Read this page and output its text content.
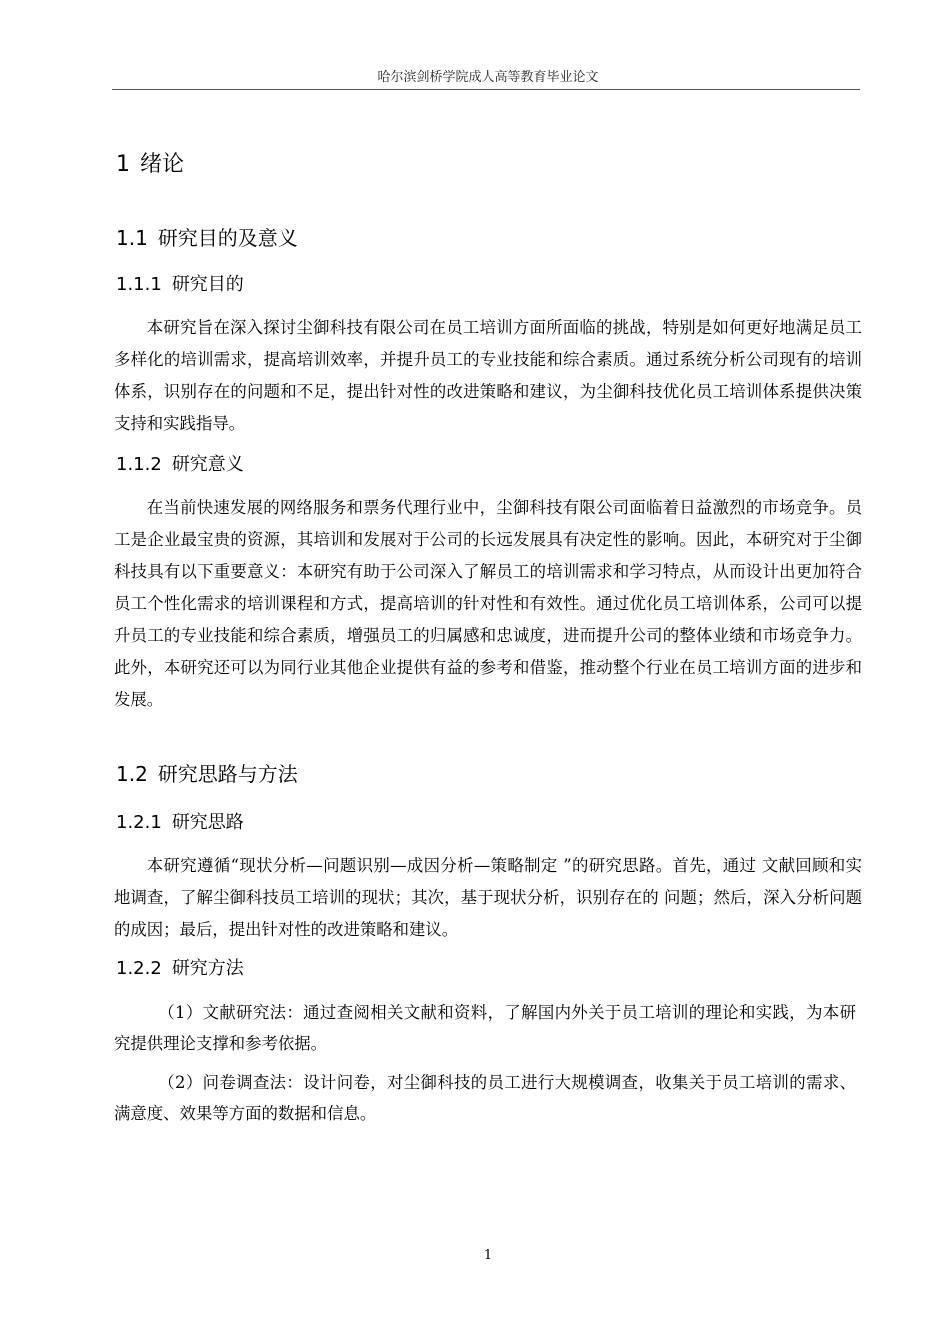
哈尔滨剑桥学院成人高等教育毕业论文
1 绪论
1.1 研究目的及意义
1.1.1 研究目的

本研究旨在深入探讨尘御科技有限公司在员工培训方面所面临的挑战，特别是如何更好地满足员工多样化的培训需求，提高培训效率，并提升员工的专业技能和综合素质。通过系统分析公司现有的培训体系，识别存在的问题和不足，提出针对性的改进策略和建议，为尘御科技优化员工培训体系提供决策支持和实践指导。

1.1.2 研究意义

在当前快速发展的网络服务和票务代理行业中，尘御科技有限公司面临着日益激烈的市场竞争。员工是企业最宝贵的资源，其培训和发展对于公司的长远发展具有决定性的影响。因此，本研究对于尘御科技具有以下重要意义：本研究有助于公司深入了解员工的培训需求和学习特点，从而设计出更加符合员工个性化需求的培训课程和方式，提高培训的针对性和有效性。通过优化员工培训体系，公司可以提升员工的专业技能和综合素质，增强员工的归属感和忠诚度，进而提升公司的整体业绩和市场竞争力。此外，本研究还可以为同行业其他企业提供有益的参考和借鉴，推动整个行业在员工培训方面的进步和发展。

1.2 研究思路与方法
1.2.1 研究思路

本研究遵循“现状分析—问题识别—成因分析—策略制定 ”的研究思路。首先，通过 文献回顾和实地调查，了解尘御科技员工培训的现状；其次，基于现状分析，识别存在的 问题；然后，深入分析问题的成因；最后，提出针对性的改进策略和建议。

1.2.2 研究方法

（1）文献研究法：通过查阅相关文献和资料，了解国内外关于员工培训的理论和实践，为本研究提供理论支撑和参考依据。

（2）问卷调查法：设计问卷，对尘御科技的员工进行大规模调查，收集关于员工培训的需求、满意度、效果等方面的数据和信息。

1
